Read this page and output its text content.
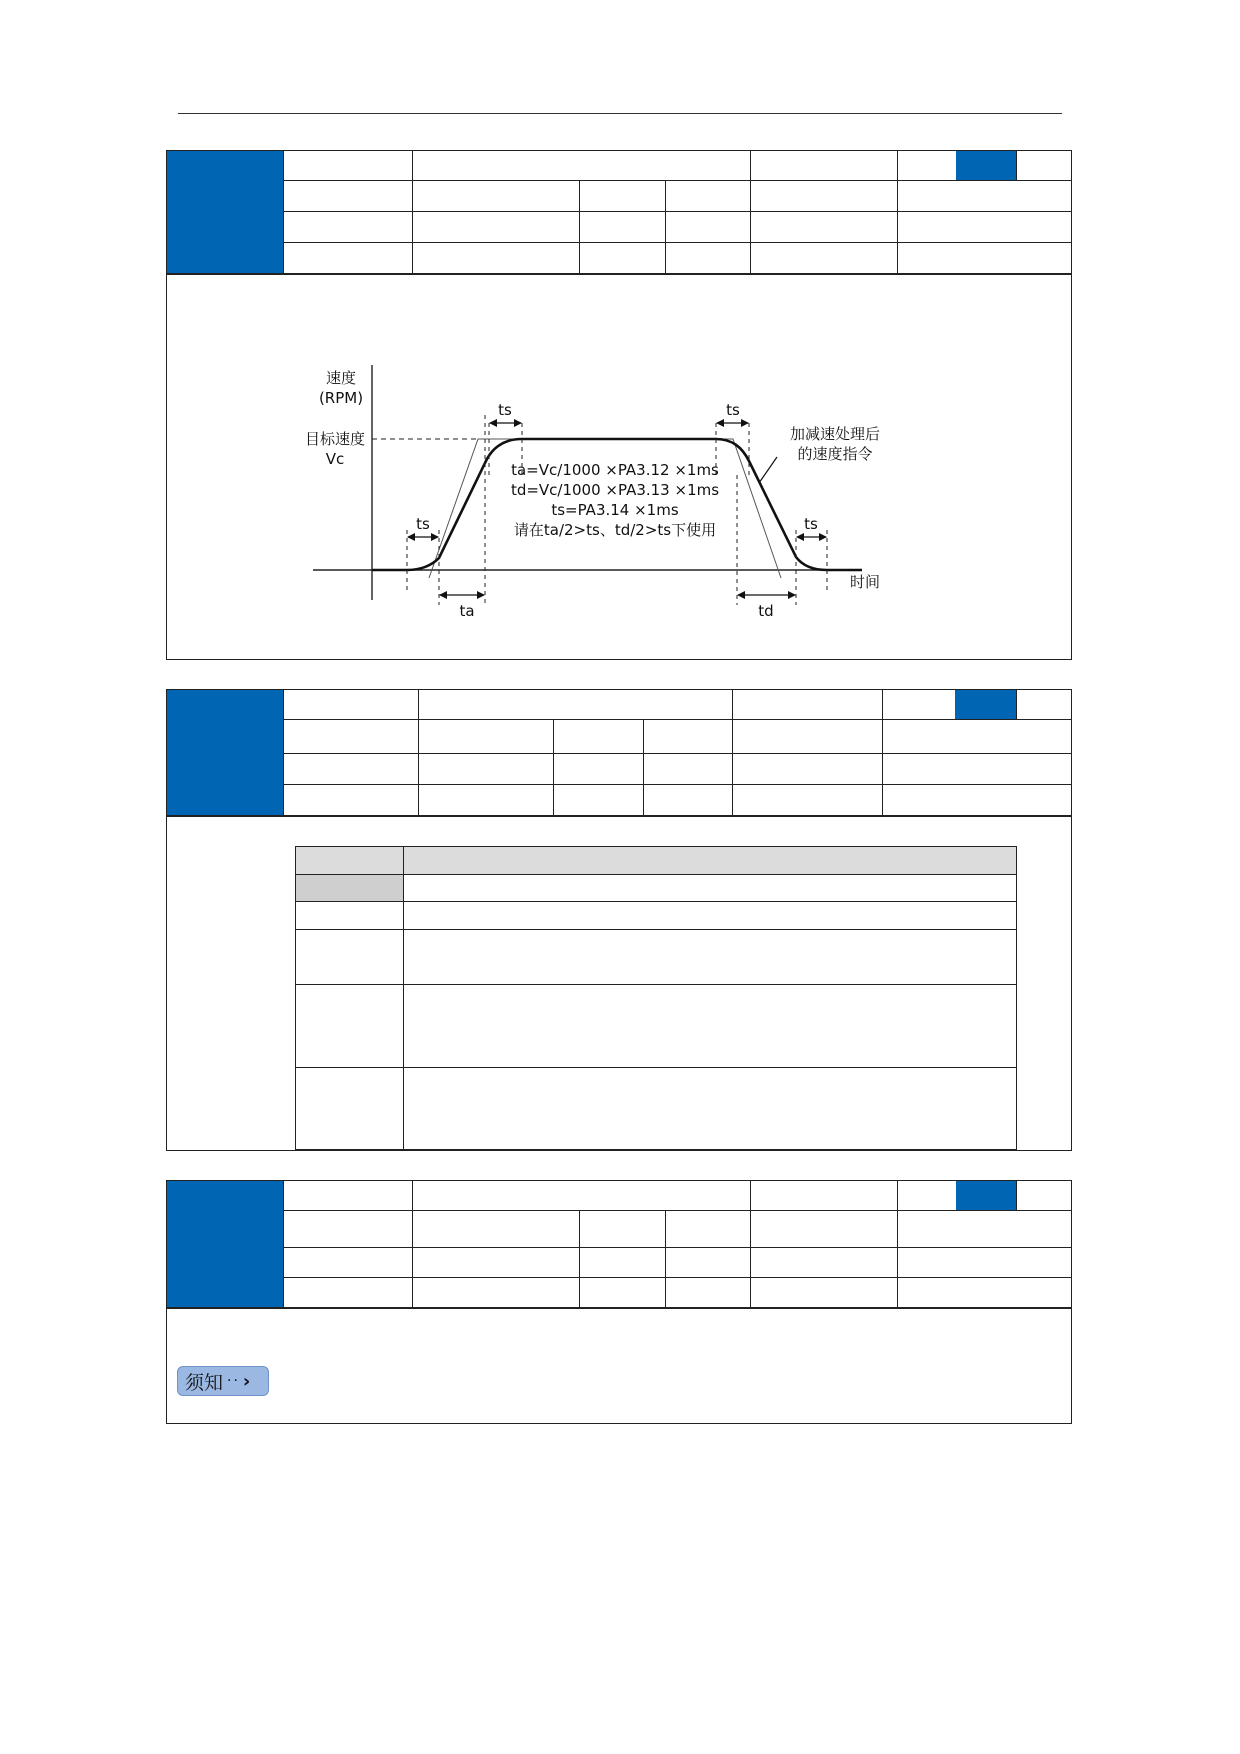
速度
(RPM)
目标速度
Vc
ts
ts	ts
ts
ta	td
ta=Vc/1000 ×PA3.12 ×1ms
td=Vc/1000 ×PA3.13 ×1ms
ts=PA3.14 ×1ms
请在ta/2>ts、td/2>ts下使用
加减速处理后
的速度指令
时间
须知 ·· ›
